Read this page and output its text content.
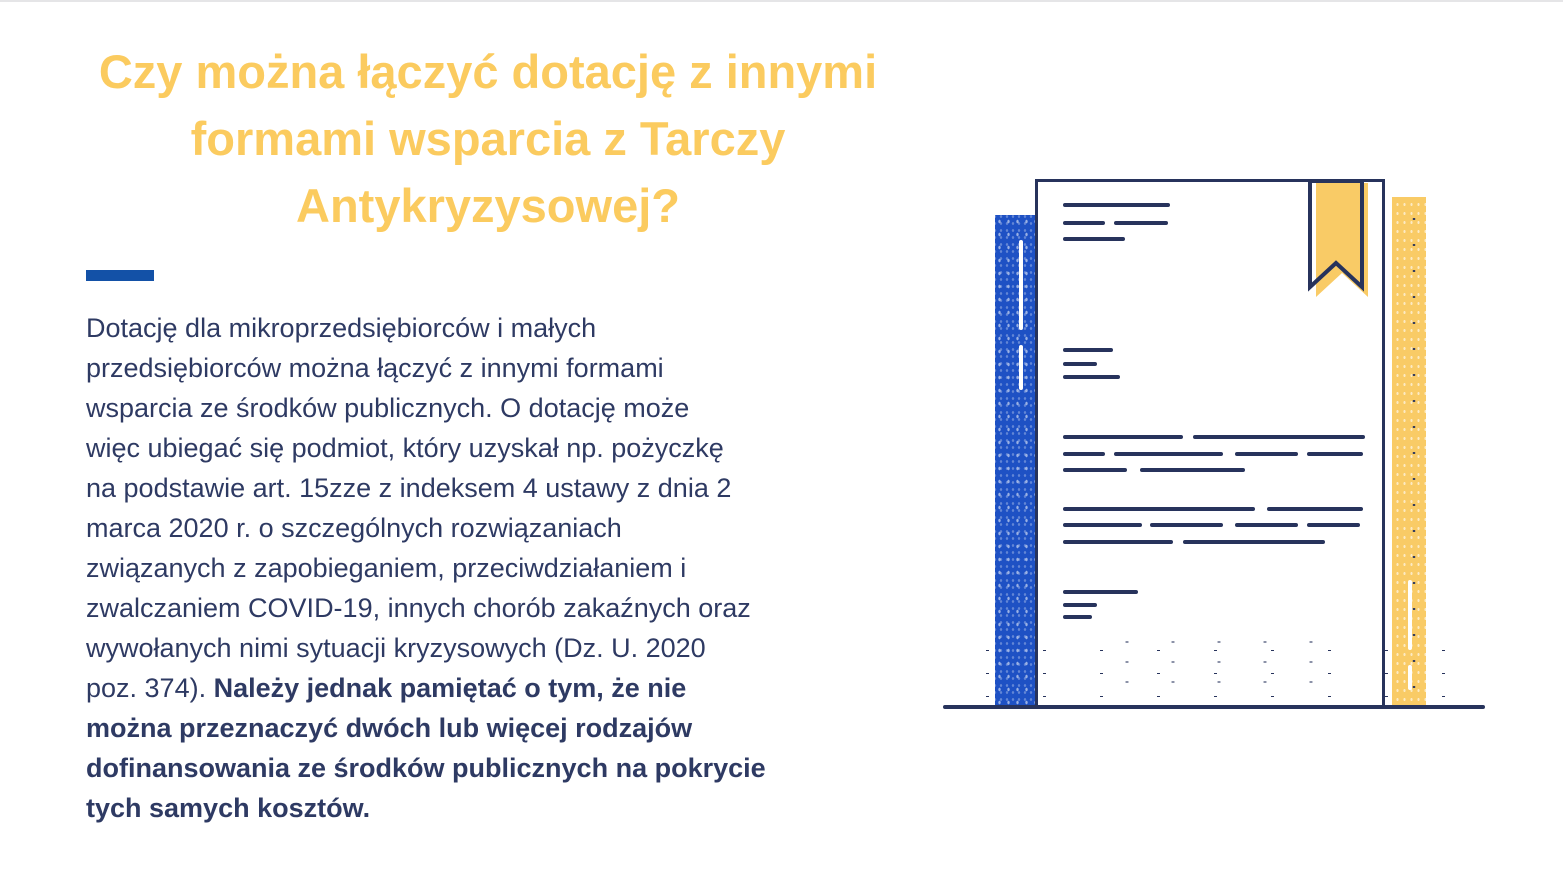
Czy można łączyć dotację z innymi formami wsparcia z Tarczy Antykryzysowej?
Dotację dla mikroprzedsiębiorców i małych
przedsiębiorców można łączyć z innymi formami
wsparcia ze środków publicznych. O dotację może
więc ubiegać się podmiot, który uzyskał np. pożyczkę
na podstawie art. 15zze z indeksem 4 ustawy z dnia 2
marca 2020 r. o szczególnych rozwiązaniach
związanych z zapobieganiem, przeciwdziałaniem i
zwalczaniem COVID-19, innych chorób zakaźnych oraz
wywołanych nimi sytuacji kryzysowych (Dz. U. 2020
poz. 374). Należy jednak pamiętać o tym, że nie
można przeznaczyć dwóch lub więcej rodzajów
dofinansowania ze środków publicznych na pokrycie
tych samych kosztów.
